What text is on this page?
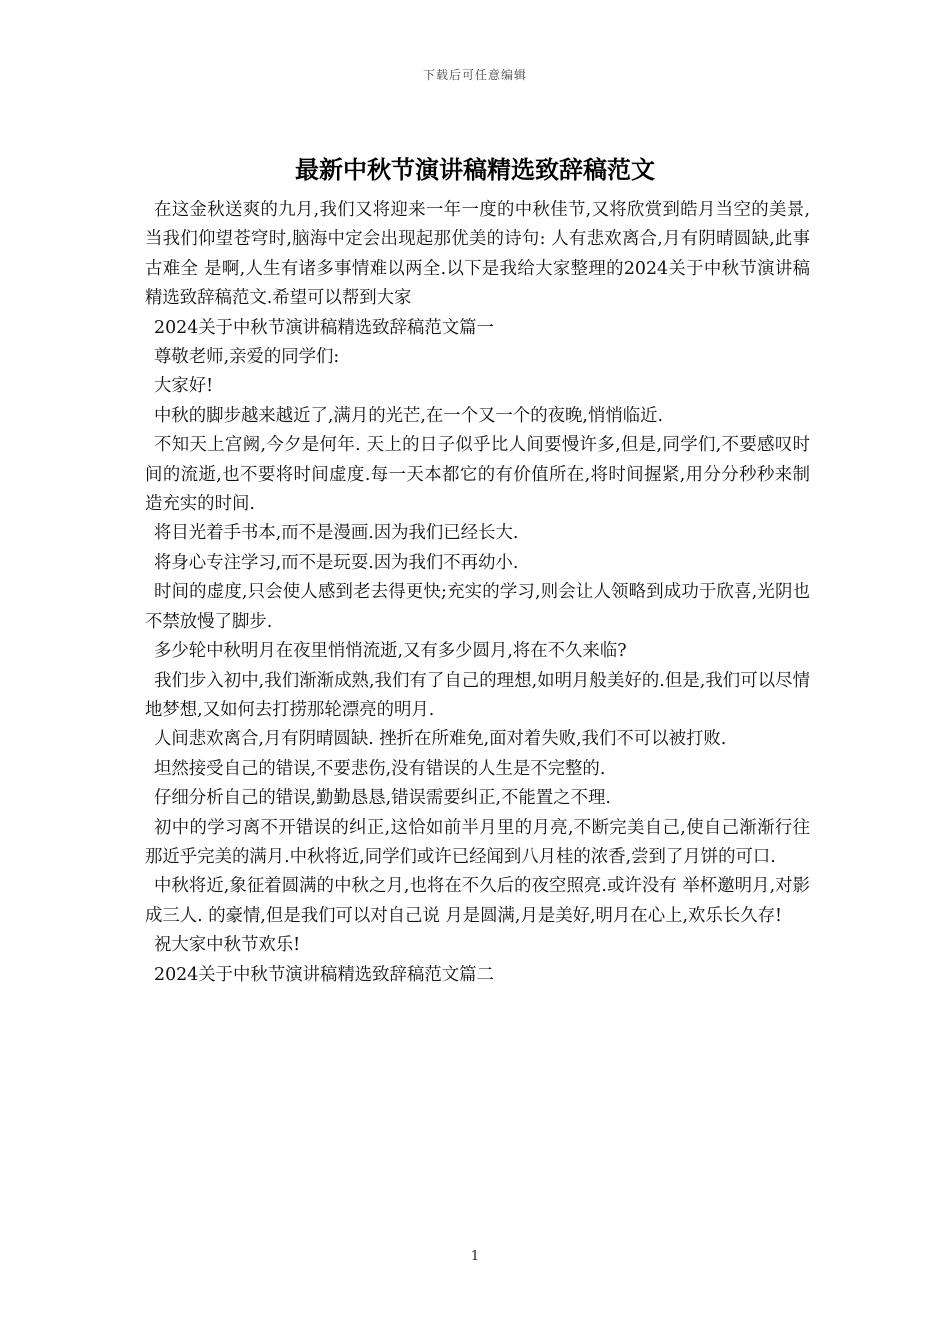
下载后可任意编辑
最新中秋节演讲稿精选致辞稿范文

在这金秋送爽的九月,我们又将迎来一年一度的中秋佳节,又将欣赏到皓月当空的美景,当我们仰望苍穹时,脑海中定会出现起那优美的诗句: 人有悲欢离合,月有阴晴圆缺,此事古难全 是啊,人生有诸多事情难以两全.以下是我给大家整理的2024关于中秋节演讲稿精选致辞稿范文.希望可以帮到大家

2024关于中秋节演讲稿精选致辞稿范文篇一

尊敬老师,亲爱的同学们:

大家好!

中秋的脚步越来越近了,满月的光芒,在一个又一个的夜晚,悄悄临近.

不知天上宫阙,今夕是何年. 天上的日子似乎比人间要慢许多,但是,同学们,不要感叹时间的流逝,也不要将时间虚度.每一天本都它的有价值所在,将时间握紧,用分分秒秒来制造充实的时间.

将目光着手书本,而不是漫画.因为我们已经长大.

将身心专注学习,而不是玩耍.因为我们不再幼小.

时间的虚度,只会使人感到老去得更快;充实的学习,则会让人领略到成功于欣喜,光阴也不禁放慢了脚步.

多少轮中秋明月在夜里悄悄流逝,又有多少圆月,将在不久来临?

我们步入初中,我们渐渐成熟,我们有了自己的理想,如明月般美好的.但是,我们可以尽情地梦想,又如何去打捞那轮漂亮的明月.

人间悲欢离合,月有阴晴圆缺. 挫折在所难免,面对着失败,我们不可以被打败.

坦然接受自己的错误,不要悲伤,没有错误的人生是不完整的.

仔细分析自己的错误,勤勤恳恳,错误需要纠正,不能置之不理.

初中的学习离不开错误的纠正,这恰如前半月里的月亮,不断完美自己,使自己渐渐行往那近乎完美的满月.中秋将近,同学们或许已经闻到八月桂的浓香,尝到了月饼的可口.

中秋将近,象征着圆满的中秋之月,也将在不久后的夜空照亮.或许没有 举杯邀明月,对影成三人. 的豪情,但是我们可以对自己说 月是圆满,月是美好,明月在心上,欢乐长久存!

祝大家中秋节欢乐!

2024关于中秋节演讲稿精选致辞稿范文篇二

1
